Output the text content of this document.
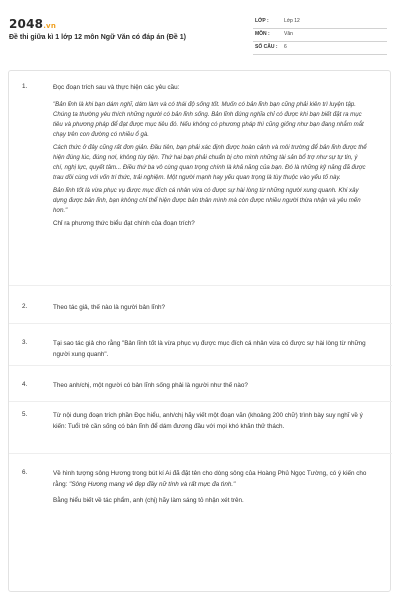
2048.vn
Đề thi giữa kì 1 lớp 12 môn Ngữ Văn có đáp án (Đề 1)
LỚP :	Lớp 12
MÔN :	Văn
SỐ CÂU : 6
1.	Đọc đoạn trích sau và thực hiện các yêu cầu:

"Bản lĩnh là khi bạn dám nghĩ, dám làm và có thái độ sống tốt. Muốn có bản lĩnh bạn cũng phải kiên trì luyện tập. Chúng ta thường yêu thích những người có bản lĩnh sống. Bản lĩnh đúng nghĩa chỉ có được khi bạn biết đặt ra mục tiêu và phương pháp để đạt được mục tiêu đó. Nếu không có phương pháp thì cũng giống như bạn đang nhắm mắt chạy trên con đường có nhiều ổ gà.

Cách thức ở đây cũng rất đơn giản. Đầu tiên, bạn phải xác định được hoàn cảnh và môi trường để bản lĩnh được thể hiện đúng lúc, đúng nơi, không tùy tiện. Thứ hai bạn phải chuẩn bị cho mình những tài sản bổ trợ như sự tự tin, ý chí, nghị lực, quyết tâm... Điều thứ ba vô cùng quan trọng chính là khả năng của bạn. Đó là những kỹ năng đã được trau dồi cùng với vốn tri thức, trải nghiệm. Một người mạnh hay yếu quan trọng là tùy thuộc vào yếu tố này.

Bản lĩnh tốt là vừa phục vụ được mục đích cá nhân vừa có được sự hài lòng từ những người xung quanh. Khi xây dựng được bản lĩnh, bạn không chỉ thể hiện được bản thân mình mà còn được nhiều người thừa nhận và yêu mến hơn."

Chỉ ra phương thức biểu đạt chính của đoạn trích?
2.	Theo tác giả, thế nào là người bản lĩnh?
3.	Tại sao tác giả cho rằng "Bản lĩnh tốt là vừa phục vụ được mục đích cá nhân vừa có được sự hài lòng từ những người xung quanh".
4.	Theo anh/chị, một người có bản lĩnh sống phải là người như thế nào?
5.	Từ nội dung đoạn trích phần Đọc hiểu, anh/chị hãy viết một đoạn văn (khoảng 200 chữ) trình bày suy nghĩ về ý kiến: Tuổi trẻ cần sống có bản lĩnh để dám đương đầu với mọi khó khăn thử thách.
6.	Về hình tượng sông Hương trong bút kí Ai đã đặt tên cho dòng sông của Hoàng Phủ Ngọc Tường, có ý kiến cho rằng: "Sông Hương mang vẻ đẹp đầy nữ tính và rất mực đa tình."
Bằng hiểu biết về tác phẩm, anh (chị) hãy làm sáng tỏ nhận xét trên.
